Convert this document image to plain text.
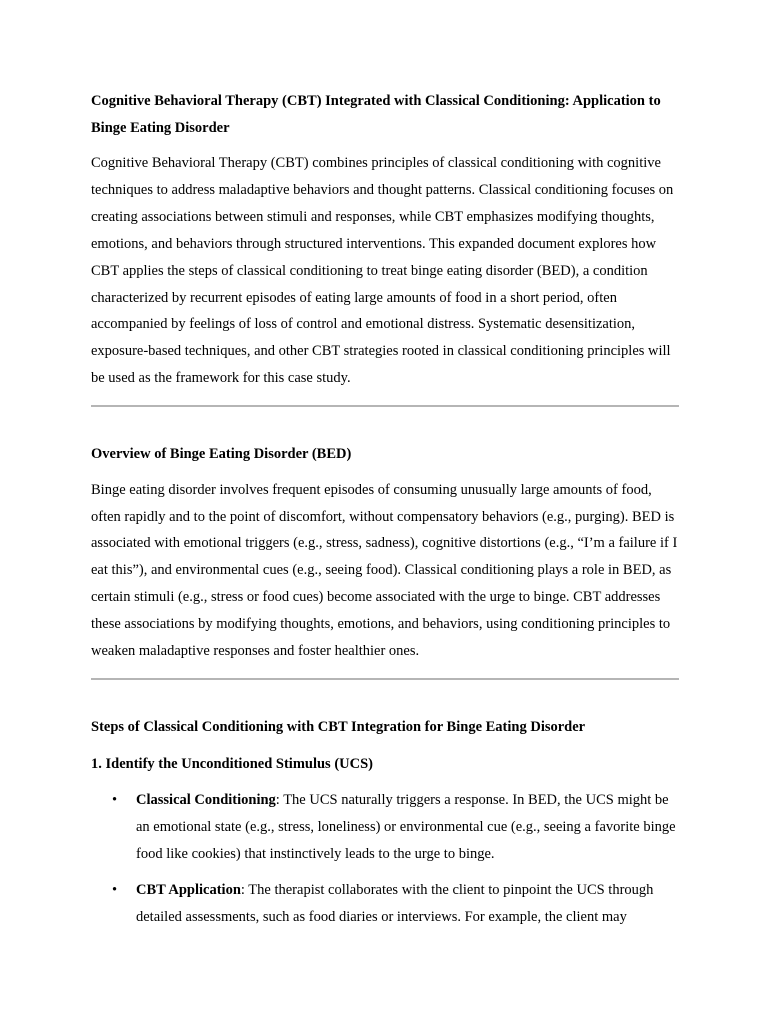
Cognitive Behavioral Therapy (CBT) Integrated with Classical Conditioning: Application to Binge Eating Disorder

Cognitive Behavioral Therapy (CBT) combines principles of classical conditioning with cognitive techniques to address maladaptive behaviors and thought patterns. Classical conditioning focuses on creating associations between stimuli and responses, while CBT emphasizes modifying thoughts, emotions, and behaviors through structured interventions. This expanded document explores how CBT applies the steps of classical conditioning to treat binge eating disorder (BED), a condition characterized by recurrent episodes of eating large amounts of food in a short period, often accompanied by feelings of loss of control and emotional distress. Systematic desensitization, exposure-based techniques, and other CBT strategies rooted in classical conditioning principles will be used as the framework for this case study.

Overview of Binge Eating Disorder (BED)

Binge eating disorder involves frequent episodes of consuming unusually large amounts of food, often rapidly and to the point of discomfort, without compensatory behaviors (e.g., purging). BED is associated with emotional triggers (e.g., stress, sadness), cognitive distortions (e.g., “I’m a failure if I eat this”), and environmental cues (e.g., seeing food). Classical conditioning plays a role in BED, as certain stimuli (e.g., stress or food cues) become associated with the urge to binge. CBT addresses these associations by modifying thoughts, emotions, and behaviors, using conditioning principles to weaken maladaptive responses and foster healthier ones.

Steps of Classical Conditioning with CBT Integration for Binge Eating Disorder

1. Identify the Unconditioned Stimulus (UCS)

• Classical Conditioning: The UCS naturally triggers a response. In BED, the UCS might be an emotional state (e.g., stress, loneliness) or environmental cue (e.g., seeing a favorite binge food like cookies) that instinctively leads to the urge to binge.
• CBT Application: The therapist collaborates with the client to pinpoint the UCS through detailed assessments, such as food diaries or interviews. For example, the client may
